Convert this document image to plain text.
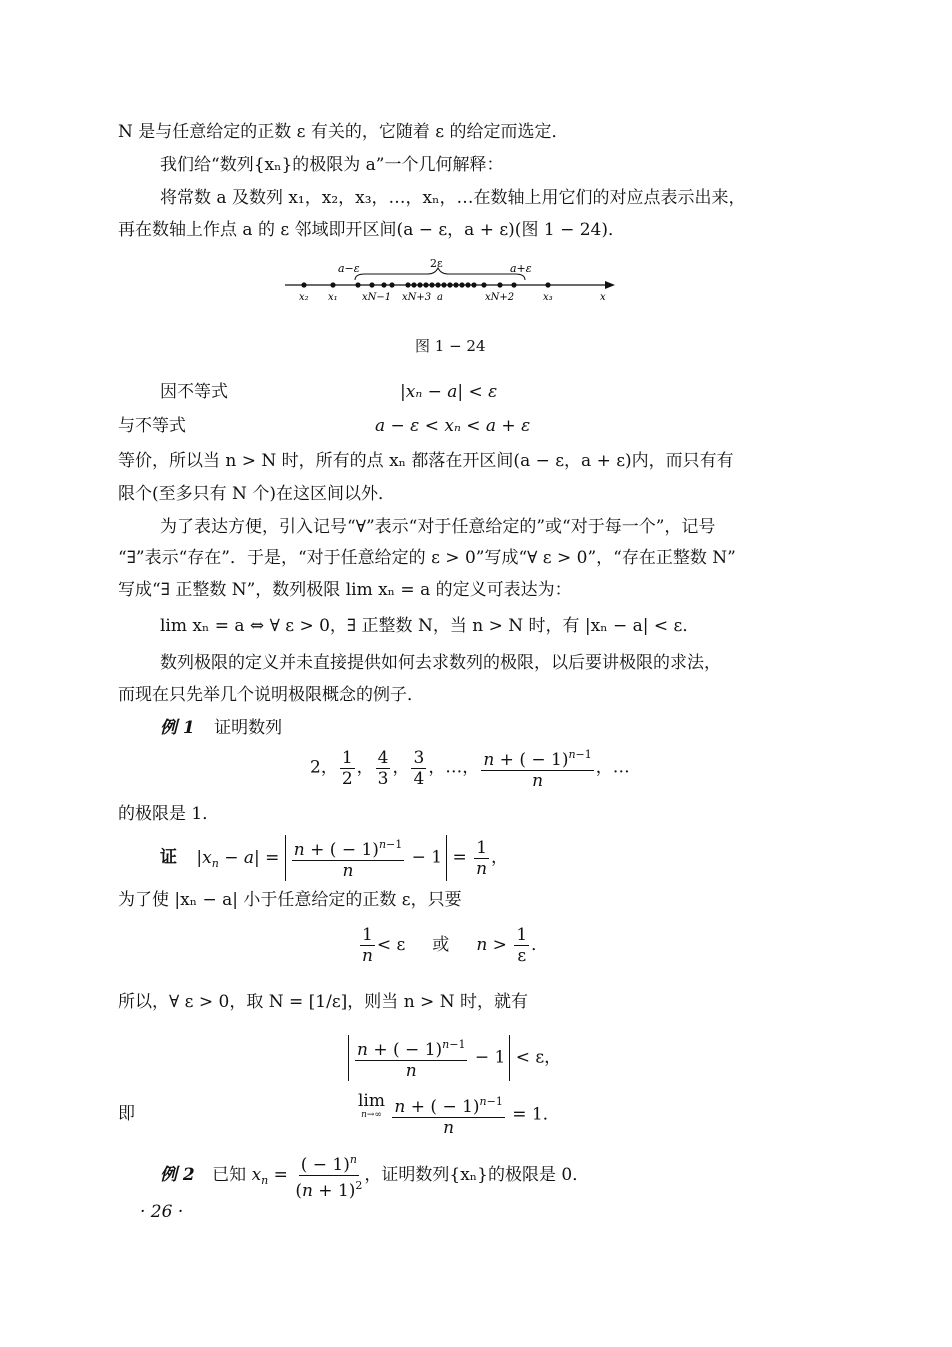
N 是与任意给定的正数 ε 有关的，它随着 ε 的给定而选定．
我们给“数列{xₙ}的极限为 a”一个几何解释：
将常数 a 及数列 x₁，x₂，x₃，…，xₙ，…在数轴上用它们的对应点表示出来，
再在数轴上作点 a 的 ε 邻域即开区间(a − ε，a + ε)(图 1 − 24)．
a−ε	2ε	a+ε
x₂ x₁ xN−1 xN+3 a	xN+2	x₃	x
图 1 − 24
因不等式	|xₙ − a| < ε
与不等式	a − ε < xₙ < a + ε
等价，所以当 n > N 时，所有的点 xₙ 都落在开区间(a − ε，a + ε)内，而只有有
限个(至多只有 N 个)在这区间以外．
为了表达方便，引入记号“∀”表示“对于任意给定的”或“对于每一个”，记号
“∃”表示“存在”．于是，“对于任意给定的 ε > 0”写成“∀ ε > 0”，“存在正整数 N”
写成“∃ 正整数 N”，数列极限 lim xₙ = a 的定义可表达为：
lim xₙ = a ⇔ ∀ ε > 0，∃ 正整数 N，当 n > N 时，有 |xₙ − a| < ε．
数列极限的定义并未直接提供如何去求数列的极限，以后要讲极限的求法，
而现在只先举几个说明极限概念的例子．
例 1 证明数列
2， $\frac{1}{2}$ ， $\frac{4}{3}$ ， $\frac{3}{4}$ ，…， $\frac{n + ( - 1)^{n-1}}{n}$ ，…
的极限是 1．
证 $|x_n - a| = \frac{n + ( - 1)^{n-1}}{n} - 1 = \frac{1}{n}$ ，
为了使 |xₙ − a| 小于任意给定的正数 ε，只要
$\frac{1}{n} < \varepsilon$     或     $n > \frac{1}{\varepsilon}$ ．
所以，∀ ε > 0，取 N = [1/ε]，则当 n > N 时，就有
$\frac{n + ( - 1)^{n-1}}{n} - 1 < \varepsilon$，
即
lim
n→∞
$\frac{n + ( - 1)^{n-1}}{n} = 1$．
例 2 已知 $x_n = \frac{( - 1)^n}{(n + 1)^2}$ ，证明数列{xₙ}的极限是 0．
· 26 ·
